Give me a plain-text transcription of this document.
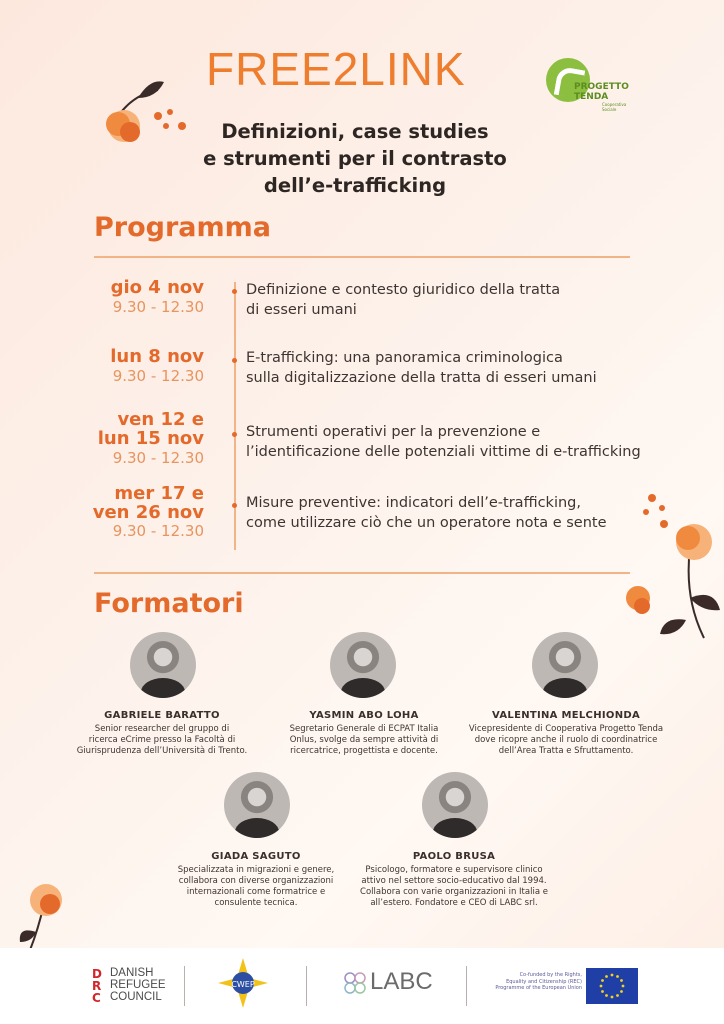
FREE2LINK
Definizioni, case studies
e strumenti per il contrasto
dell’e-trafficking
PROGETTO
TENDA
Cooperativa Sociale
Programma
gio 4 nov
9.30 - 12.30
Definizione e contesto giuridico della tratta
di esseri umani
lun 8 nov
9.30 - 12.30
E-trafficking: una panoramica criminologica
sulla digitalizzazione della tratta di esseri umani
ven 12 e
lun 15 nov
9.30 - 12.30
Strumenti operativi per la prevenzione e
l’identificazione delle potenziali vittime di e-trafficking
mer 17 e
ven 26 nov
9.30 - 12.30
Misure preventive: indicatori dell’e-trafficking,
come utilizzare ciò che un operatore nota e sente
Formatori
GABRIELE BARATTO
Senior researcher del gruppo di
ricerca eCrime presso la Facoltà di
Giurisprudenza dell’Università di Trento.
YASMIN ABO LOHA
Segretario Generale di ECPAT Italia
Onlus, svolge da sempre attività di
ricercatrice, progettista e docente.
VALENTINA MELCHIONDA
Vicepresidente di Cooperativa Progetto Tenda
dove ricopre anche il ruolo di coordinatrice
dell’Area Tratta e Sfruttamento.
GIADA SAGUTO
Specializzata in migrazioni e genere,
collabora con diverse organizzazioni
internazionali come formatrice e
consulente tecnica.
PAOLO BRUSA
Psicologo, formatore e supervisore clinico
attivo nel settore socio-educativo dal 1994.
Collabora con varie organizzazioni in Italia e
all’estero. Fondatore e CEO di LABC srl.
DRC
DANISH
REFUGEE
COUNCIL
CWEP	LABC	Co-funded by the Rights,
Equality and Citizenship (REC)
Programme of the European Union
